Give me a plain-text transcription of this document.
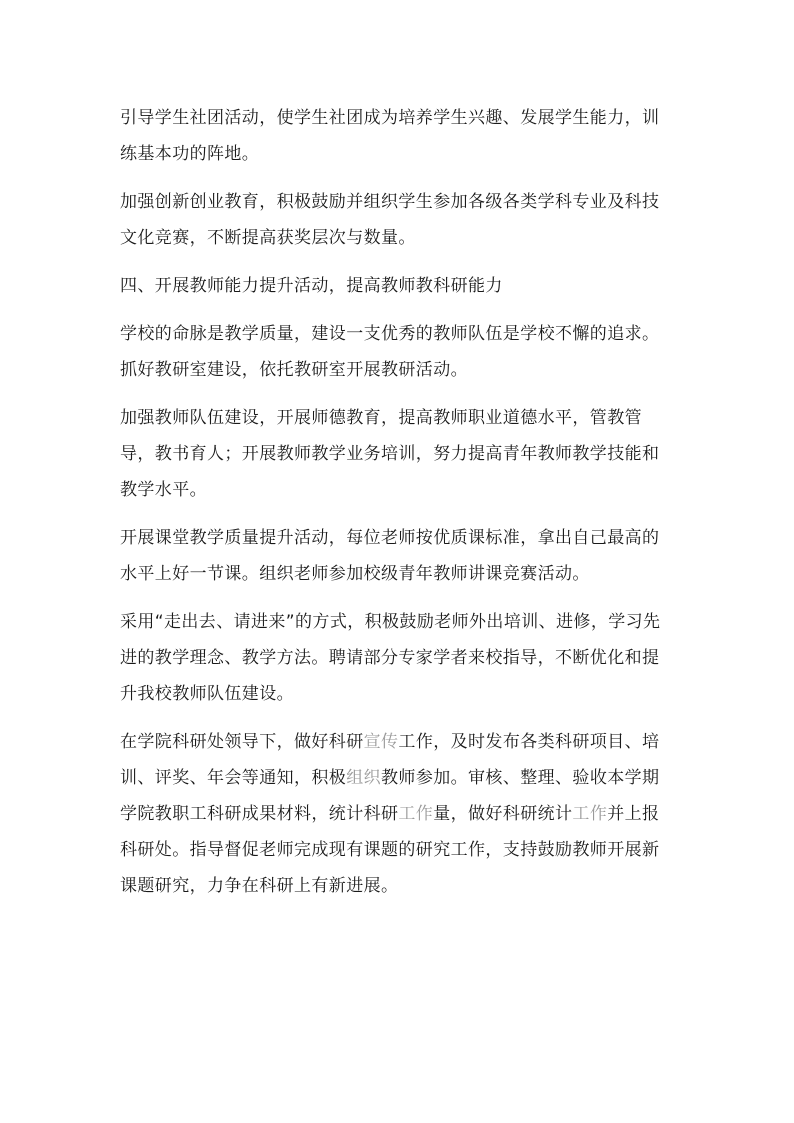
引导学生社团活动，使学生社团成为培养学生兴趣、发展学生能力，训练基本功的阵地。

加强创新创业教育，积极鼓励并组织学生参加各级各类学科专业及科技文化竞赛，不断提高获奖层次与数量。

四、开展教师能力提升活动，提高教师教科研能力

学校的命脉是教学质量，建设一支优秀的教师队伍是学校不懈的追求。抓好教研室建设，依托教研室开展教研活动。

加强教师队伍建设，开展师德教育，提高教师职业道德水平，管教管导，教书育人；开展教师教学业务培训，努力提高青年教师教学技能和教学水平。

开展课堂教学质量提升活动，每位老师按优质课标准，拿出自己最高的水平上好一节课。组织老师参加校级青年教师讲课竞赛活动。

采用“走出去、请进来”的方式，积极鼓励老师外出培训、进修，学习先进的教学理念、教学方法。聘请部分专家学者来校指导，不断优化和提升我校教师队伍建设。

在学院科研处领导下，做好科研宣传工作，及时发布各类科研项目、培训、评奖、年会等通知，积极组织教师参加。审核、整理、验收本学期学院教职工科研成果材料，统计科研工作量，做好科研统计工作并上报科研处。指导督促老师完成现有课题的研究工作，支持鼓励教师开展新课题研究，力争在科研上有新进展。
